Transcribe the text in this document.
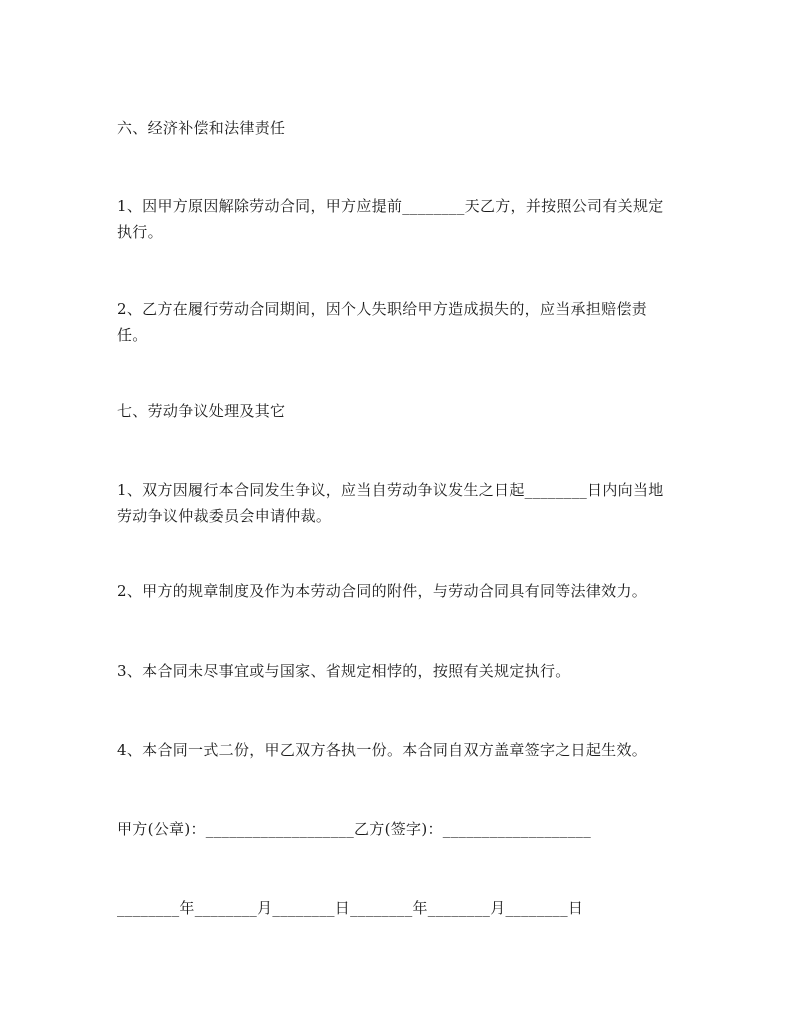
六、经济补偿和法律责任
1、因甲方原因解除劳动合同，甲方应提前________天乙方，并按照公司有关规定
执行。
2、乙方在履行劳动合同期间，因个人失职给甲方造成损失的，应当承担赔偿责
任。
七、劳动争议处理及其它
1、双方因履行本合同发生争议，应当自劳动争议发生之日起________日内向当地
劳动争议仲裁委员会申请仲裁。
2、甲方的规章制度及作为本劳动合同的附件，与劳动合同具有同等法律效力。
3、本合同未尽事宜或与国家、省规定相悖的，按照有关规定执行。
4、本合同一式二份，甲乙双方各执一份。本合同自双方盖章签字之日起生效。
甲方(公章)：___________________乙方(签字)：___________________
________年________月________日________年________月________日
